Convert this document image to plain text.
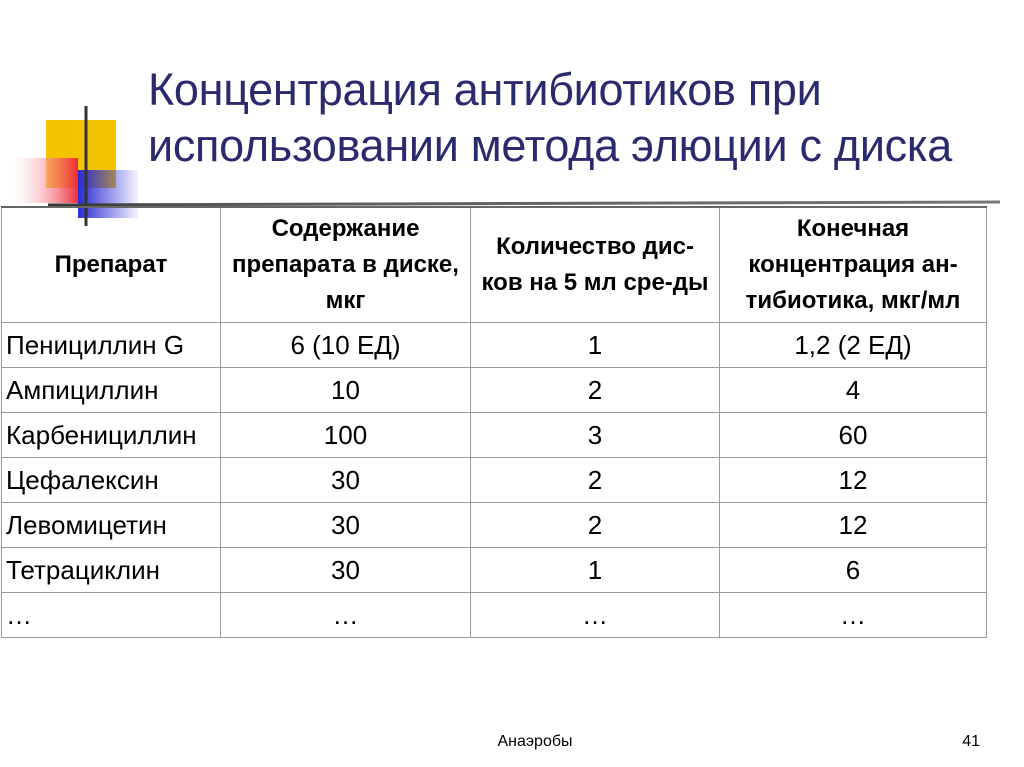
Концентрация антибиотиков при
использовании метода элюции с диска
Препарат	Содержание препарата в диске, мкг	Количество дис-ков на 5 мл сре-ды	Конечная концентрация ан-тибиотика, мкг/мл
Пенициллин G	6 (10 ЕД)	1	1,2 (2 ЕД)
Ампициллин	10	2	4
Карбенициллин	100	3	60
Цефалексин	30	2	12
Левомицетин	30	2	12
Тетрациклин	30	1	6
…	…	…	…
Анаэробы	41
